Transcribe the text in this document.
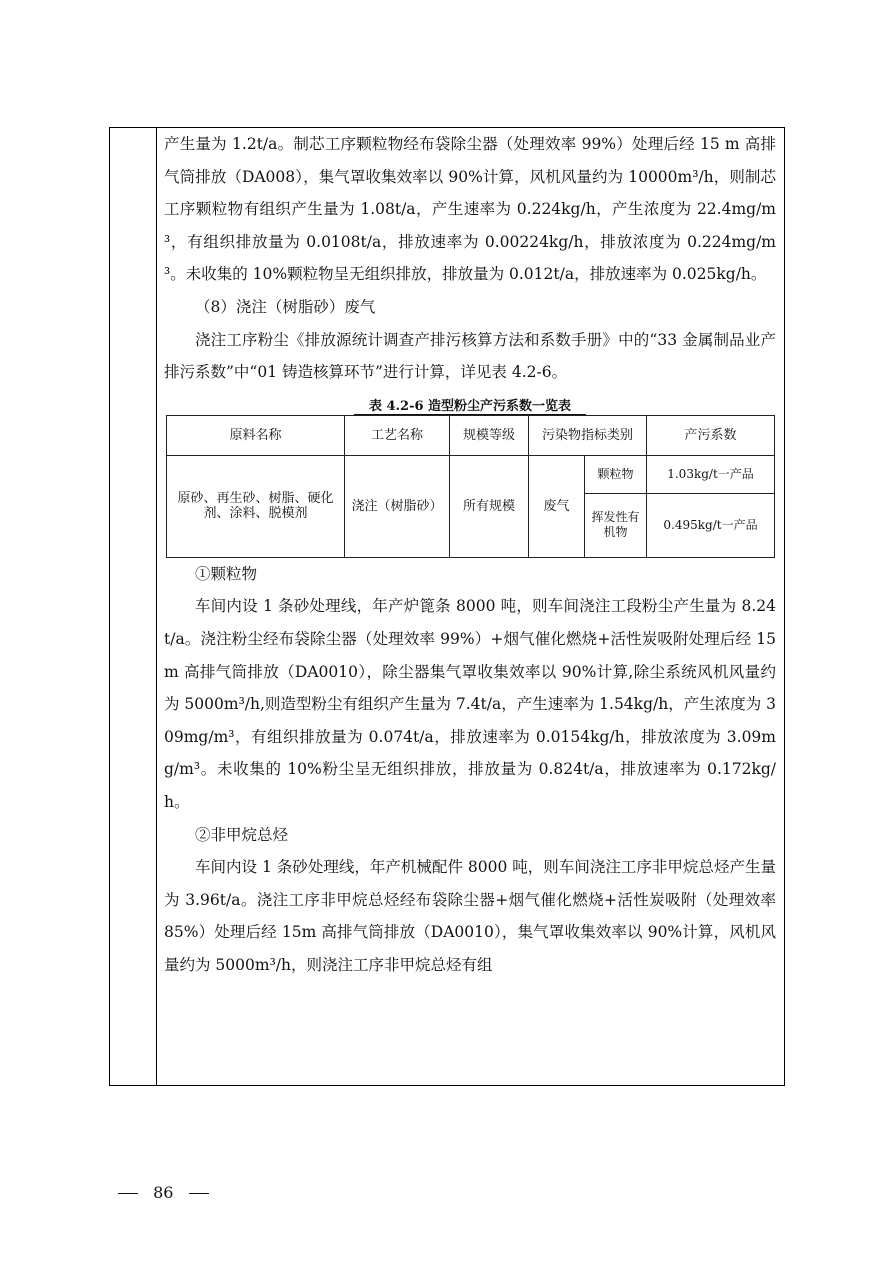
产生量为 1.2t/a。制芯工序颗粒物经布袋除尘器（处理效率 99%）处理后经 15 m 高排气筒排放（DA008），集气罩收集效率以 90%计算，风机风量约为 10000m³/h，则制芯工序颗粒物有组织产生量为 1.08t/a，产生速率为 0.224kg/h，产生浓度为 22.4mg/m³，有组织排放量为 0.0108t/a，排放速率为 0.00224kg/h，排放浓度为 0.224mg/m³。未收集的 10%颗粒物呈无组织排放，排放量为 0.012t/a，排放速率为 0.025kg/h。

（8）浇注（树脂砂）废气

浇注工序粉尘《排放源统计调查产排污核算方法和系数手册》中的“33 金属制品业产排污系数”中“01 铸造核算环节”进行计算，详见表 4.2-6。

表 4.2-6 造型粉尘产污系数一览表
原料名称	工艺名称	规模等级	污染物指标类别		产污系数
原砂、再生砂、树脂、硬化剂、涂料、脱模剂	浇注（树脂砂）	所有规模	废气	颗粒物	1.03kg/t一产品
				挥发性有机物	0.495kg/t一产品

①颗粒物

车间内设 1 条砂处理线，年产炉篦条 8000 吨，则车间浇注工段粉尘产生量为 8.24t/a。浇注粉尘经布袋除尘器（处理效率 99%）+烟气催化燃烧+活性炭吸附处理后经 15m 高排气筒排放（DA0010），除尘器集气罩收集效率以 90%计算,除尘系统风机风量约为 5000m³/h,则造型粉尘有组织产生量为 7.4t/a，产生速率为 1.54kg/h，产生浓度为 309mg/m³，有组织排放量为 0.074t/a，排放速率为 0.0154kg/h，排放浓度为 3.09mg/m³。未收集的 10%粉尘呈无组织排放，排放量为 0.824t/a，排放速率为 0.172kg/h。

②非甲烷总烃

车间内设 1 条砂处理线，年产机械配件 8000 吨，则车间浇注工序非甲烷总烃产生量为 3.96t/a。浇注工序非甲烷总烃经布袋除尘器+烟气催化燃烧+活性炭吸附（处理效率 85%）处理后经 15m 高排气筒排放（DA0010），集气罩收集效率以 90%计算，风机风量约为 5000m³/h，则浇注工序非甲烷总烃有组

86
